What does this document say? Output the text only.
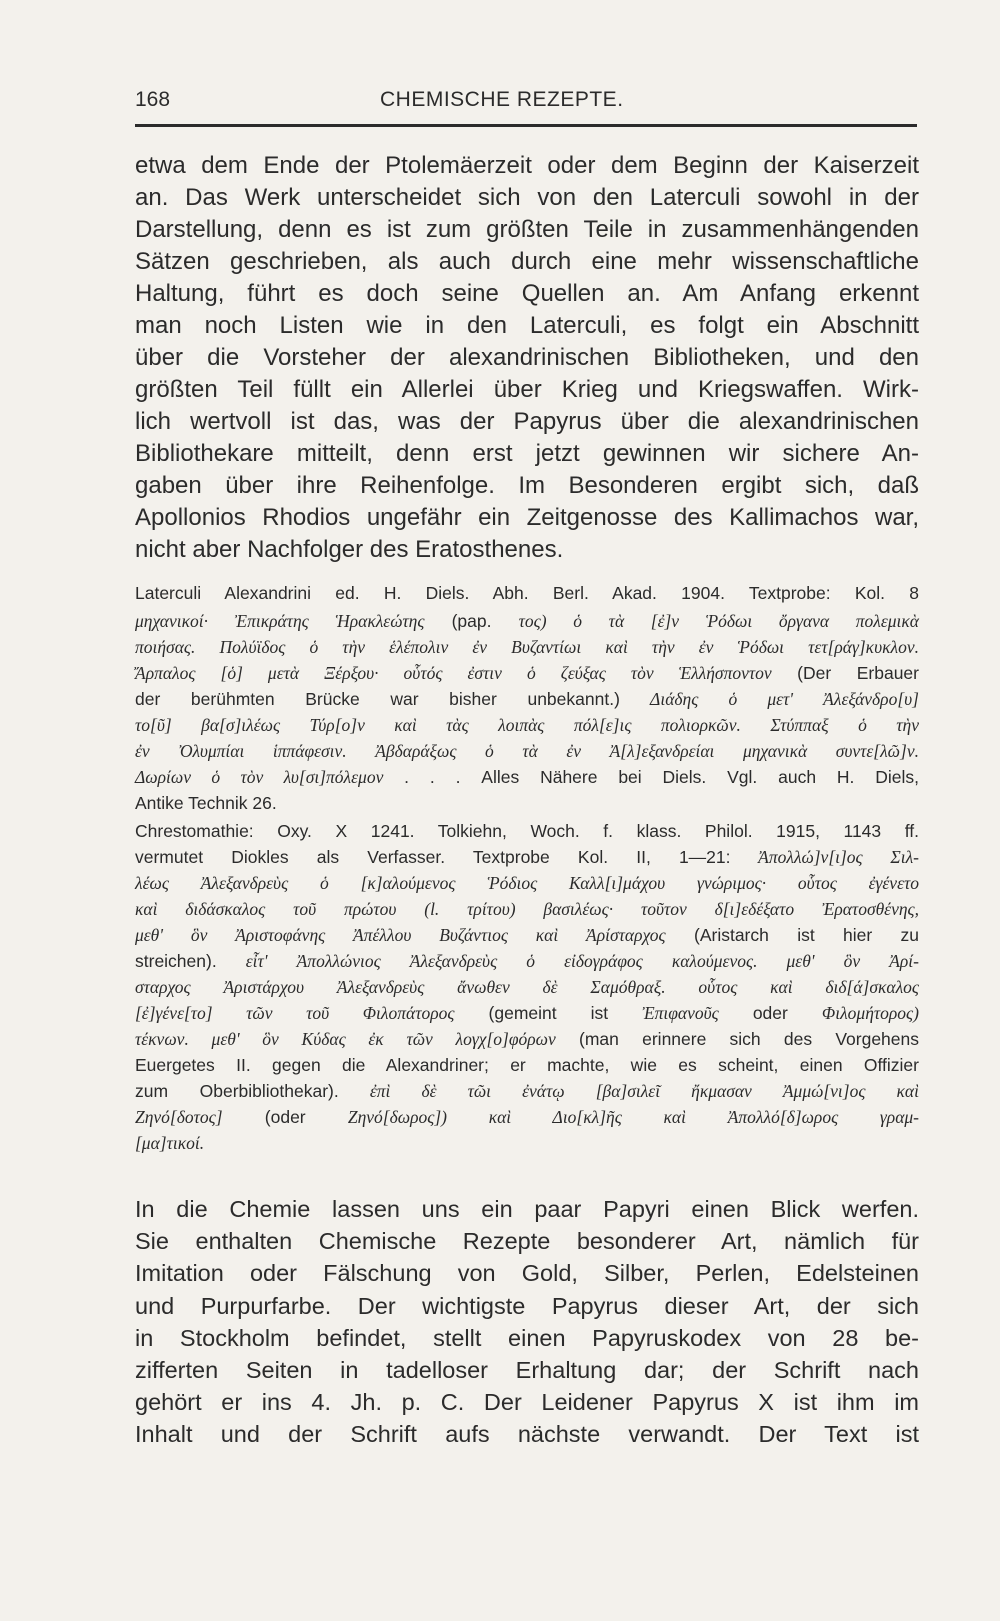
168	CHEMISCHE REZEPTE.
etwa dem Ende der Ptolemäerzeit oder dem Beginn der Kaiserzeit
an. Das Werk unterscheidet sich von den Laterculi sowohl in der
Darstellung, denn es ist zum größten Teile in zusammenhängenden
Sätzen geschrieben, als auch durch eine mehr wissenschaftliche
Haltung, führt es doch seine Quellen an. Am Anfang erkennt
man noch Listen wie in den Laterculi, es folgt ein Abschnitt
über die Vorsteher der alexandrinischen Bibliotheken, und den
größten Teil füllt ein Allerlei über Krieg und Kriegswaffen. Wirk-
lich wertvoll ist das, was der Papyrus über die alexandrinischen
Bibliothekare mitteilt, denn erst jetzt gewinnen wir sichere An-
gaben über ihre Reihenfolge. Im Besonderen ergibt sich, daß
Apollonios Rhodios ungefähr ein Zeitgenosse des Kallimachos war,
nicht aber Nachfolger des Eratosthenes.
Laterculi Alexandrini ed. H. Diels. Abh. Berl. Akad. 1904. Textprobe: Kol. 8
μηχανικοί· Ἐπικράτης Ἡρακλεώτης (pap. τος) ὁ τὰ [ἐ]ν Ῥόδωι ὄργανα πολεμικὰ
ποιήσας. Πολύϊδος ὁ τὴν ἑλέπολιν ἐν Βυζαντίωι καὶ τὴν ἐν Ῥόδωι τετ[ράγ]κυκλον.
Ἄρπαλος [ὁ] μετὰ Ξέρξου· οὗτός ἐστιν ὁ ζεύξας τὸν Ἑλλήσποντον (Der Erbauer
der berühmten Brücke war bisher unbekannt.) Διάδης ὁ μετ' Ἀλεξάνδρο[υ]
το[ῦ] βα[σ]ιλέως Τύρ[ο]ν καὶ τὰς λοιπὰς πόλ[ε]ις πολιορκῶν. Στύππαξ ὁ τὴν
ἐν Ὀλυμπίαι ἱππάφεσιν. Ἀβδαράξως ὁ τὰ ἐν Ἀ[λ]εξανδρείαι μηχανικὰ συντε[λῶ]ν.
Δωρίων ὁ τὸν λυ[σι]πόλεμον . . . Alles Nähere bei Diels. Vgl. auch H. Diels,
Antike Technik 26.
Chrestomathie: Oxy. X 1241. Tolkiehn, Woch. f. klass. Philol. 1915, 1143 ff.
vermutet Diokles als Verfasser. Textprobe Kol. II, 1—21: Ἀπολλώ]ν[ι]ος Σιλ-
λέως Ἀλεξανδρεὺς ὁ [κ]αλούμενος Ῥόδιος Καλλ[ι]μάχου γνώριμος· οὗτος ἐγένετο
καὶ διδάσκαλος τοῦ πρώτου (l. τρίτου) βασιλέως· τοῦτον δ[ι]εδέξατο Ἐρατοσθένης,
μεθ' ὃν Ἀριστοφάνης Ἀπέλλου Βυζάντιος καὶ Ἀρίσταρχος (Aristarch ist hier zu
streichen). εἶτ' Ἀπολλώνιος Ἀλεξανδρεὺς ὁ εἰδογράφος καλούμενος. μεθ' ὃν Ἀρί-
σταρχος Ἀριστάρχου Ἀλεξανδρεὺς ἄνωθεν δὲ Σαμόθραξ. οὗτος καὶ διδ[ά]σκαλος
[ἐ]γένε[το] τῶν τοῦ Φιλοπάτορος (gemeint ist Ἐπιφανοῦς oder Φιλομήτορος)
τέκνων. μεθ' ὃν Κύδας ἐκ τῶν λογχ[ο]φόρων (man erinnere sich des Vorgehens
Euergetes II. gegen die Alexandriner; er machte, wie es scheint, einen Offizier
zum Oberbibliothekar). ἐπὶ δὲ τῶι ἐνάτῳ [βα]σιλεῖ ἤκμασαν Ἀμμώ[νι]ος καὶ
Ζηνό[δοτος] (oder Ζηνό[δωρος]) καὶ Διο[κλ]ῆς καὶ Ἀπολλό[δ]ωρος γραμ-
[μα]τικοί.
In die Chemie lassen uns ein paar Papyri einen Blick werfen.
Sie enthalten Chemische Rezepte besonderer Art, nämlich für
Imitation oder Fälschung von Gold, Silber, Perlen, Edelsteinen
und Purpurfarbe. Der wichtigste Papyrus dieser Art, der sich
in Stockholm befindet, stellt einen Papyruskodex von 28 be-
zifferten Seiten in tadelloser Erhaltung dar; der Schrift nach
gehört er ins 4. Jh. p. C. Der Leidener Papyrus X ist ihm im
Inhalt und der Schrift aufs nächste verwandt. Der Text ist
